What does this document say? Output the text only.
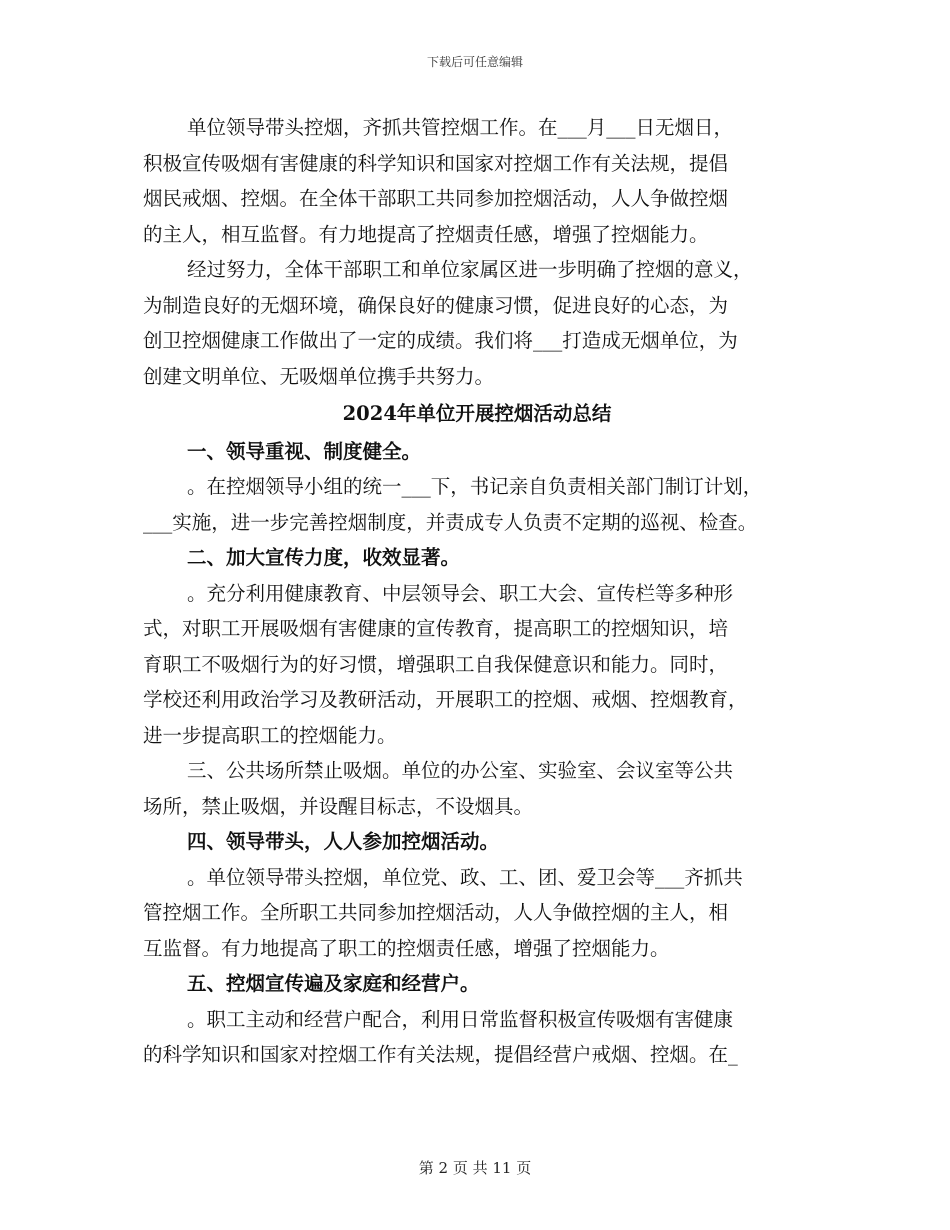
下载后可任意编辑
单位领导带头控烟，齐抓共管控烟工作。在___月___日无烟日，
积极宣传吸烟有害健康的科学知识和国家对控烟工作有关法规，提倡
烟民戒烟、控烟。在全体干部职工共同参加控烟活动，人人争做控烟
的主人，相互监督。有力地提高了控烟责任感，增强了控烟能力。
经过努力，全体干部职工和单位家属区进一步明确了控烟的意义，
为制造良好的无烟环境，确保良好的健康习惯，促进良好的心态，为
创卫控烟健康工作做出了一定的成绩。我们将___打造成无烟单位，为
创建文明单位、无吸烟单位携手共努力。
2024年单位开展控烟活动总结
一、领导重视、制度健全。
。在控烟领导小组的统一___下，书记亲自负责相关部门制订计划，
___实施，进一步完善控烟制度，并责成专人负责不定期的巡视、检查。
二、加大宣传力度，收效显著。
。充分利用健康教育、中层领导会、职工大会、宣传栏等多种形
式，对职工开展吸烟有害健康的宣传教育，提高职工的控烟知识，培
育职工不吸烟行为的好习惯，增强职工自我保健意识和能力。同时，
学校还利用政治学习及教研活动，开展职工的控烟、戒烟、控烟教育，
进一步提高职工的控烟能力。
三、公共场所禁止吸烟。单位的办公室、实验室、会议室等公共
场所，禁止吸烟，并设醒目标志，不设烟具。
四、领导带头，人人参加控烟活动。
。单位领导带头控烟，单位党、政、工、团、爱卫会等___齐抓共
管控烟工作。全所职工共同参加控烟活动，人人争做控烟的主人，相
互监督。有力地提高了职工的控烟责任感，增强了控烟能力。
五、控烟宣传遍及家庭和经营户。
。职工主动和经营户配合，利用日常监督积极宣传吸烟有害健康
的科学知识和国家对控烟工作有关法规，提倡经营户戒烟、控烟。在_
第 2 页 共 11 页
